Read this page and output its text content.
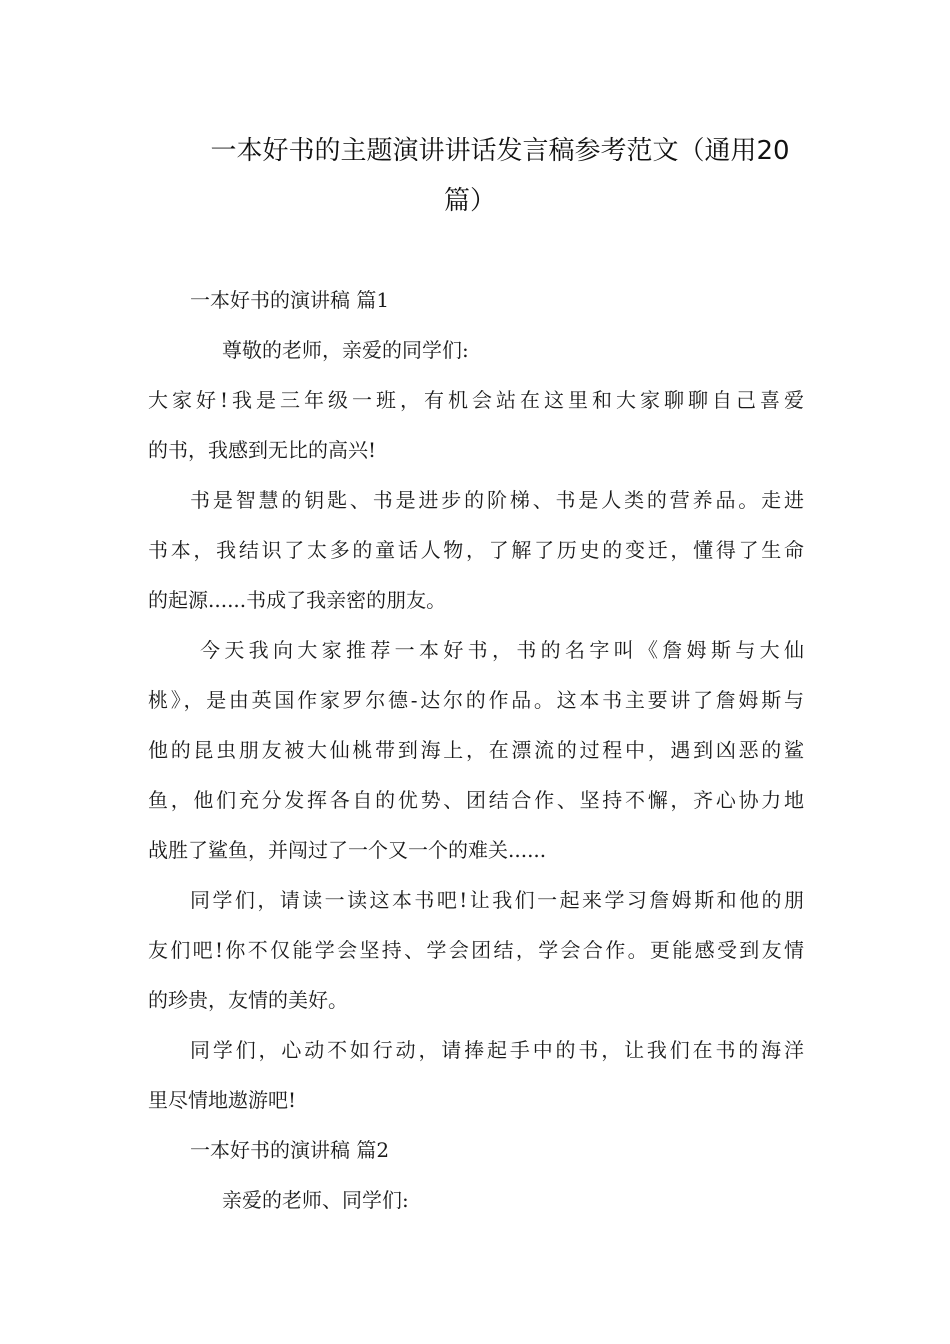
一本好书的主题演讲讲话发言稿参考范文（通用20
篇）
一本好书的演讲稿 篇1
尊敬的老师，亲爱的同学们:
大家好!我是三年级一班，有机会站在这里和大家聊聊自己喜爱
的书，我感到无比的高兴!
书是智慧的钥匙、书是进步的阶梯、书是人类的营养品。走进
书本，我结识了太多的童话人物，了解了历史的变迁，懂得了生命
的起源......书成了我亲密的朋友。
今天我向大家推荐一本好书，书的名字叫《詹姆斯与大仙
桃》，是由英国作家罗尔德-达尔的作品。这本书主要讲了詹姆斯与
他的昆虫朋友被大仙桃带到海上，在漂流的过程中，遇到凶恶的鲨
鱼，他们充分发挥各自的优势、团结合作、坚持不懈，齐心协力地
战胜了鲨鱼，并闯过了一个又一个的难关......
同学们，请读一读这本书吧!让我们一起来学习詹姆斯和他的朋
友们吧!你不仅能学会坚持、学会团结，学会合作。更能感受到友情
的珍贵，友情的美好。
同学们，心动不如行动，请捧起手中的书，让我们在书的海洋
里尽情地遨游吧!
一本好书的演讲稿 篇2
亲爱的老师、同学们:
